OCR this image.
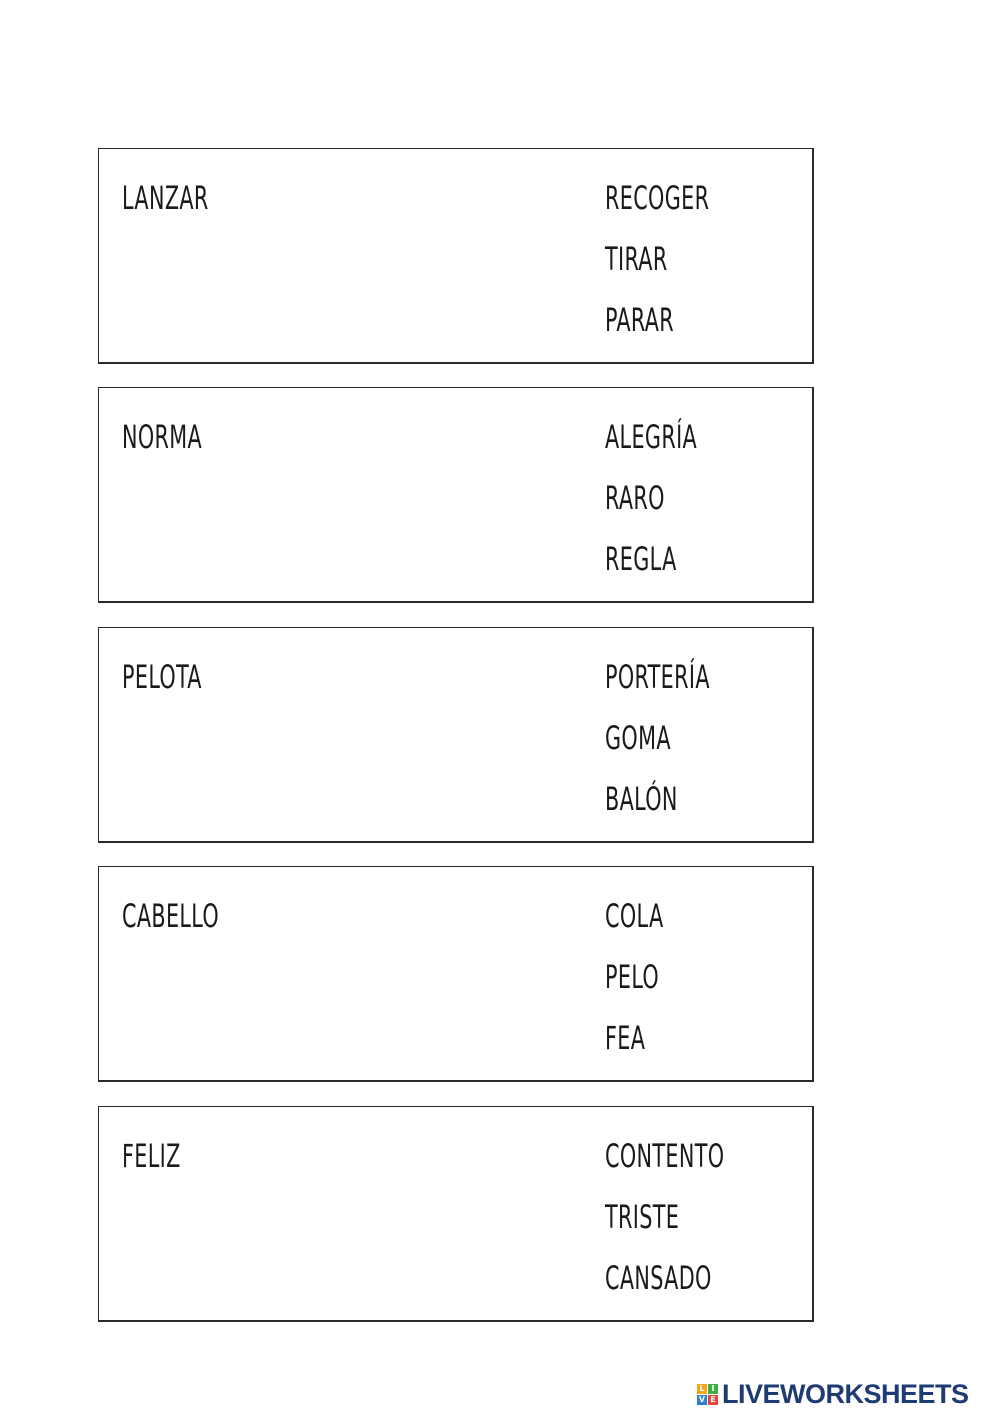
LANZAR	RECOGER
TIRAR
PARAR
NORMA	ALEGRÍA
RARO
REGLA
PELOTA	PORTERÍA
GOMA
BALÓN
CABELLO	COLA
PELO
FEA
FELIZ	CONTENTO
TRISTE
CANSADO
L I
V E LIVEWORKSHEETS
